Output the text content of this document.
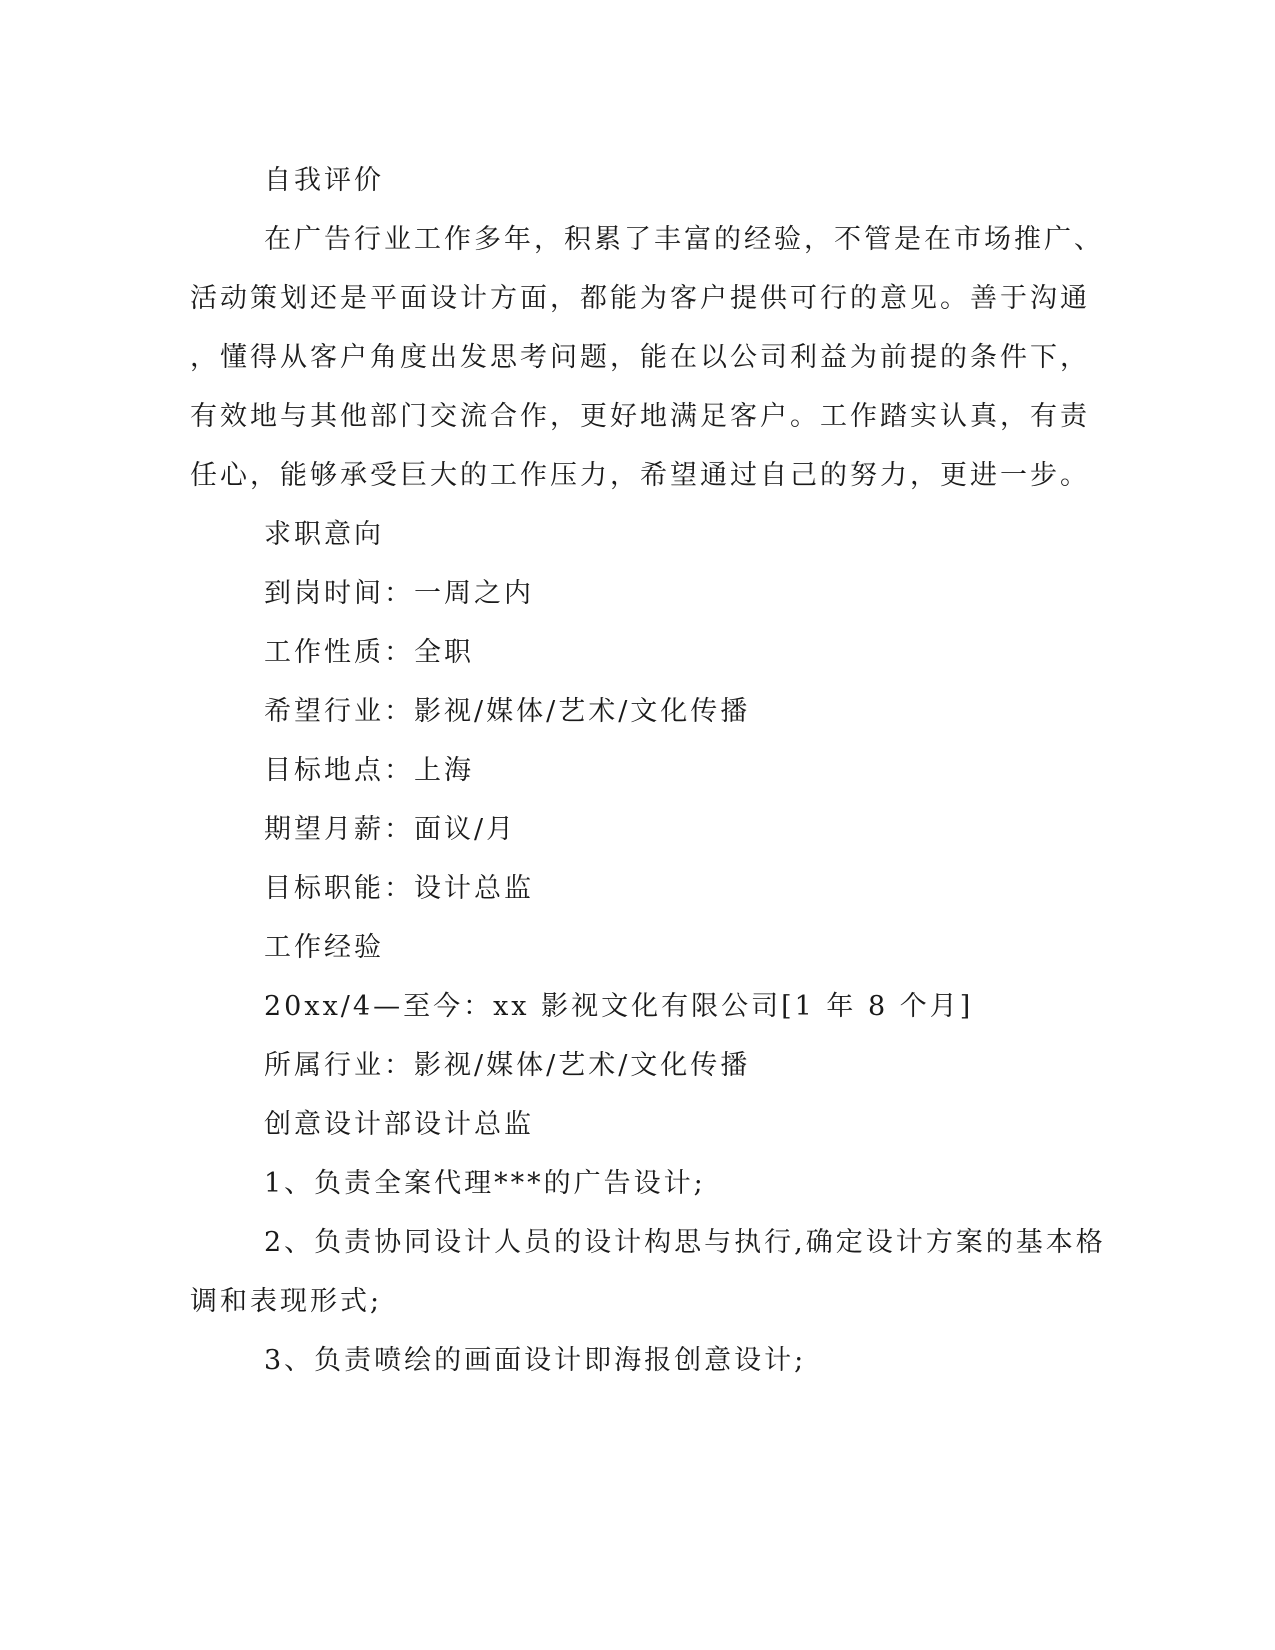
自我评价
在广告行业工作多年，积累了丰富的经验，不管是在市场推广、
活动策划还是平面设计方面，都能为客户提供可行的意见。善于沟通
，懂得从客户角度出发思考问题，能在以公司利益为前提的条件下，
有效地与其他部门交流合作，更好地满足客户。工作踏实认真，有责
任心，能够承受巨大的工作压力，希望通过自己的努力，更进一步。
求职意向
到岗时间：一周之内
工作性质：全职
希望行业：影视/媒体/艺术/文化传播
目标地点：上海
期望月薪：面议/月
目标职能：设计总监
工作经验
20xx/4—至今：xx 影视文化有限公司[1 年 8 个月]
所属行业：影视/媒体/艺术/文化传播
创意设计部设计总监
1、负责全案代理***的广告设计;
2、负责协同设计人员的设计构思与执行,确定设计方案的基本格
调和表现形式;
3、负责喷绘的画面设计即海报创意设计;
